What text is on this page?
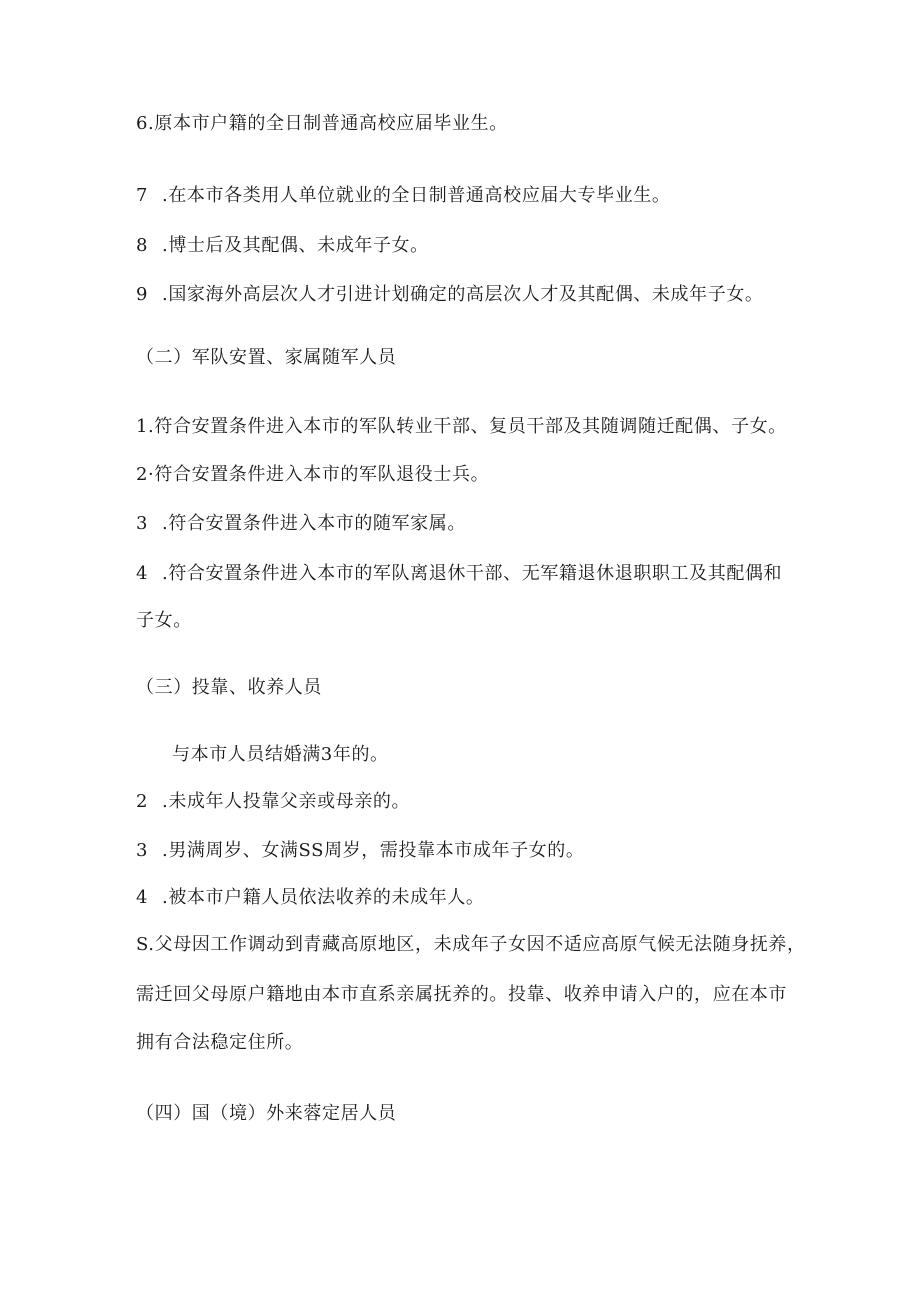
6.原本市户籍的全日制普通高校应届毕业生。
7 .在本市各类用人单位就业的全日制普通高校应届大专毕业生。
8 .博士后及其配偶、未成年子女。
9 .国家海外高层次人才引进计划确定的高层次人才及其配偶、未成年子女。
（二）军队安置、家属随军人员
1.符合安置条件进入本市的军队转业干部、复员干部及其随调随迁配偶、子女。
2·符合安置条件进入本市的军队退役士兵。
3 .符合安置条件进入本市的随军家属。
4 .符合安置条件进入本市的军队离退休干部、无军籍退休退职职工及其配偶和
子女。
（三）投靠、收养人员
与本市人员结婚满3年的。
2 .未成年人投靠父亲或母亲的。
3 .男满周岁、女满SS周岁，需投靠本市成年子女的。
4 .被本市户籍人员依法收养的未成年人。
S.父母因工作调动到青藏高原地区，未成年子女因不适应高原气候无法随身抚养，
需迁回父母原户籍地由本市直系亲属抚养的。投靠、收养申请入户的，应在本市
拥有合法稳定住所。
（四）国（境）外来蓉定居人员
